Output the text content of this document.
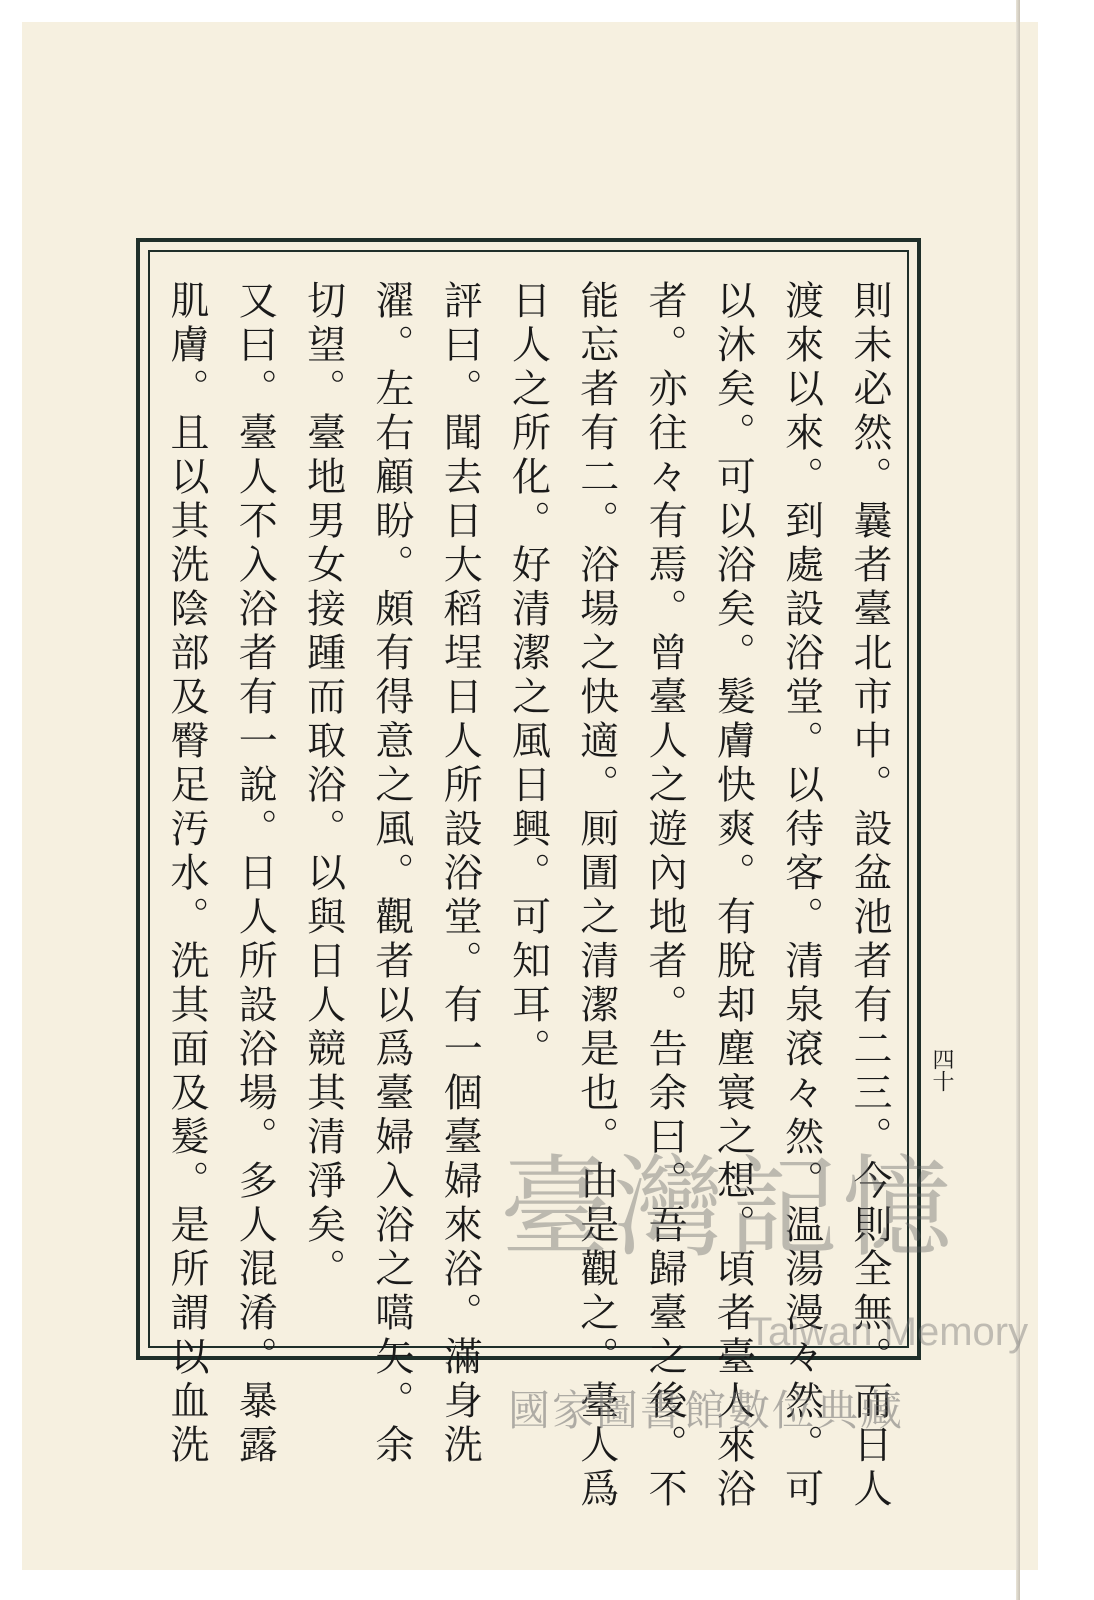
則未必然。曩者臺北市中。設盆池者有二三。今則全無。而日人
渡來以來。到處設浴堂。以待客。清泉滾々然。温湯漫々然。可
以沐矣。可以浴矣。髮膚快爽。有脫却塵寰之想。頃者臺人來浴
者。亦往々有焉。曾臺人之遊內地者。告余曰。吾歸臺之後。不
能忘者有二。浴場之快適。厠圊之清潔是也。由是觀之。臺人爲
日人之所化。好清潔之風日興。可知耳。
評曰。聞去日大稻埕日人所設浴堂。有一個臺婦來浴。滿身洗
濯。左右顧盼。頗有得意之風。觀者以爲臺婦入浴之嚆矢。余
切望。臺地男女接踵而取浴。以與日人競其清淨矣。
又曰。臺人不入浴者有一說。日人所設浴場。多人混淆。暴露
肌膚。且以其洗陰部及臀足汚水。洗其面及髮。是所謂以血洗	四十
臺灣記憶
Taiwan Memory
國家圖書館數位典藏
